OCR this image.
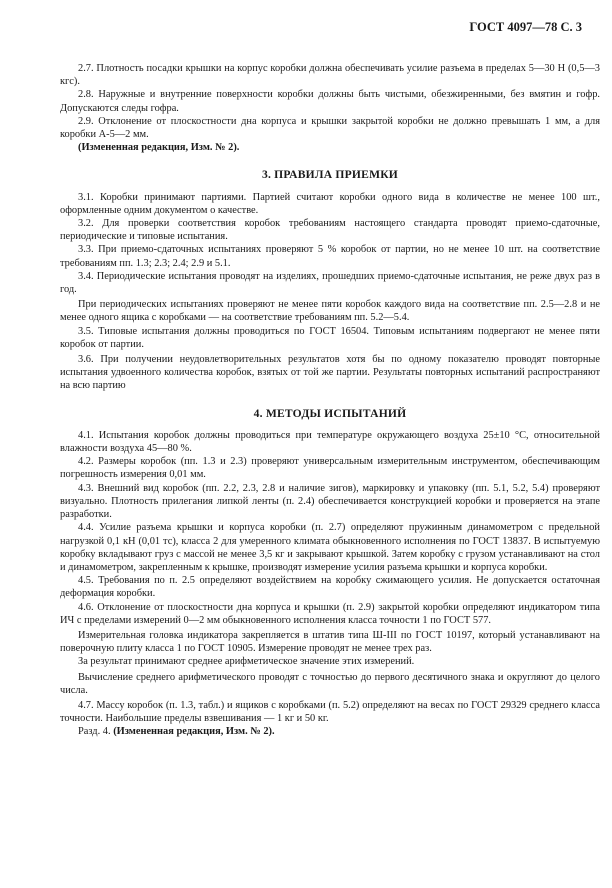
ГОСТ 4097—78 С. 3

2.7. Плотность посадки крышки на корпус коробки должна обеспечивать усилие разъема в пределах 5—30 Н (0,5—3 кгс).

2.8. Наружные и внутренние поверхности коробки должны быть чистыми, обезжиренными, без вмятин и гофр. Допускаются следы гофра.

2.9. Отклонение от плоскостности дна корпуса и крышки закрытой коробки не должно превышать 1 мм, а для коробки А-5—2 мм.

(Измененная редакция, Изм. № 2).

3. ПРАВИЛА ПРИЕМКИ

3.1. Коробки принимают партиями. Партией считают коробки одного вида в количестве не менее 100 шт., оформленные одним документом о качестве.

3.2. Для проверки соответствия коробок требованиям настоящего стандарта проводят приемо-сдаточные, периодические и типовые испытания.

3.3. При приемо-сдаточных испытаниях проверяют 5 % коробок от партии, но не менее 10 шт. на соответствие требованиям пп. 1.3; 2.3; 2.4; 2.9 и 5.1.

3.4. Периодические испытания проводят на изделиях, прошедших приемо-сдаточные испытания, не реже двух раз в год.

При периодических испытаниях проверяют не менее пяти коробок каждого вида на соответствие пп. 2.5—2.8 и не менее одного ящика с коробками — на соответствие требованиям пп. 5.2—5.4.

3.5. Типовые испытания должны проводиться по ГОСТ 16504. Типовым испытаниям подвергают не менее пяти коробок от партии.

3.6. При получении неудовлетворительных результатов хотя бы по одному показателю проводят повторные испытания удвоенного количества коробок, взятых от той же партии. Результаты повторных испытаний распространяют на всю партию

4. МЕТОДЫ ИСПЫТАНИЙ

4.1. Испытания коробок должны проводиться при температуре окружающего воздуха 25±10 °С, относительной влажности воздуха 45—80 %.

4.2. Размеры коробок (пп. 1.3 и 2.3) проверяют универсальным измерительным инструментом, обеспечивающим погрешность измерения 0,01 мм.

4.3. Внешний вид коробок (пп. 2.2, 2.3, 2.8 и наличие зигов), маркировку и упаковку (пп. 5.1, 5.2, 5.4) проверяют визуально. Плотность прилегания липкой ленты (п. 2.4) обеспечивается конструкцией коробки и проверяется на этапе разработки.

4.4. Усилие разъема крышки и корпуса коробки (п. 2.7) определяют пружинным динамометром с предельной нагрузкой 0,1 кН (0,01 тс), класса 2 для умеренного климата обыкновенного исполнения по ГОСТ 13837. В испытуемую коробку вкладывают груз с массой не менее 3,5 кг и закрывают крышкой. Затем коробку с грузом устанавливают на стол и динамометром, закрепленным к крышке, производят измерение усилия разъема крышки и корпуса коробки.

4.5. Требования по п. 2.5 определяют воздействием на коробку сжимающего усилия. Не допускается остаточная деформация коробки.

4.6. Отклонение от плоскостности дна корпуса и крышки (п. 2.9) закрытой коробки определяют индикатором типа ИЧ с пределами измерений 0—2 мм обыкновенного исполнения класса точности 1 по ГОСТ 577.

Измерительная головка индикатора закрепляется в штатив типа Ш-III по ГОСТ 10197, который устанавливают на поверочную плиту класса 1 по ГОСТ 10905. Измерение проводят не менее трех раз.

За результат принимают среднее арифметическое значение этих измерений.

Вычисление среднего арифметического проводят с точностью до первого десятичного знака и округляют до целого числа.

4.7. Массу коробок (п. 1.3, табл.) и ящиков с коробками (п. 5.2) определяют на весах по ГОСТ 29329 среднего класса точности. Наибольшие пределы взвешивания — 1 кг и 50 кг.

Разд. 4. (Измененная редакция, Изм. № 2).
